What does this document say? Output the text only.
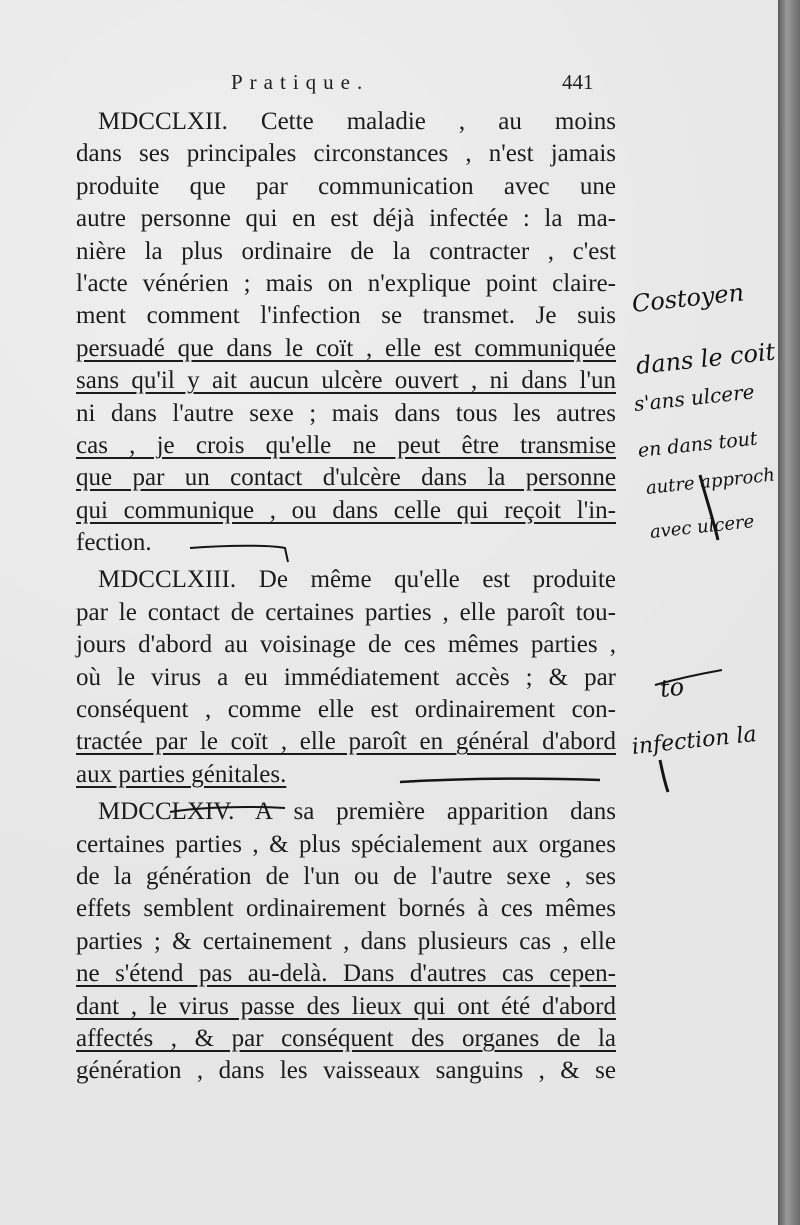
Pratique.	441
MDCCLXII. Cette maladie , au moins
dans ses principales circonstances , n'est jamais
produite que par communication avec une
autre personne qui en est déjà infectée : la ma-
nière la plus ordinaire de la contracter , c'est
l'acte vénérien ; mais on n'explique point claire-
ment comment l'infection se transmet. Je suis
persuadé que dans le coït , elle est communiquée
sans qu'il y ait aucun ulcère ouvert , ni dans l'un
ni dans l'autre sexe ; mais dans tous les autres
cas , je crois qu'elle ne peut être transmise
que par un contact d'ulcère dans la personne
qui communique , ou dans celle qui reçoit l'in-
fection.
MDCCLXIII. De même qu'elle est produite
par le contact de certaines parties , elle paroît tou-
jours d'abord au voisinage de ces mêmes parties ,
où le virus a eu immédiatement accès ; & par
conséquent , comme elle est ordinairement con-
tractée par le coït , elle paroît en général d'abord
aux parties génitales.
MDCCLXIV. A sa première apparition dans
certaines parties , & plus spécialement aux organes
de la génération de l'un ou de l'autre sexe , ses
effets semblent ordinairement bornés à ces mêmes
parties ; & certainement , dans plusieurs cas , elle
ne s'étend pas au-delà. Dans d'autres cas cepen-
dant , le virus passe des lieux qui ont été d'abord
affectés , & par conséquent des organes de la
génération , dans les vaisseaux sanguins , & se
Costoyen
dans le coit
s'ans ulcere
en dans tout
autre approch
avec ulcere
to
infection la
